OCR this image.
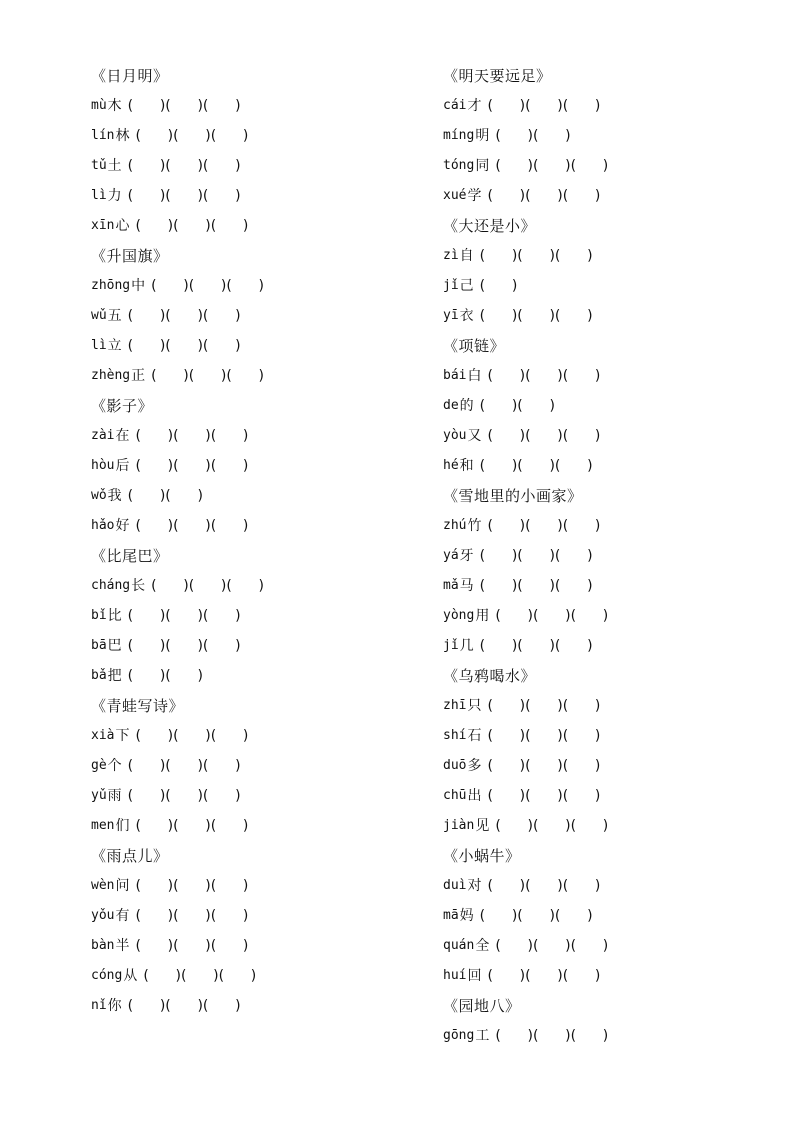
《日月明》
mù 木 (      )(      )(      )
lín 林 (      )(      )(      )
tǔ 土 (      )(      )(      )
lì 力 (      )(      )(      )
xīn 心 (      )(      )(      )
《升国旗》
zhōng 中 (      )(      )(      )
wǔ 五 (      )(      )(      )
lì 立 (      )(      )(      )
zhèng 正 (      )(      )(      )
《影子》
zài 在 (      )(      )(      )
hòu 后 (      )(      )(      )
wǒ 我 (      )(      )
hǎo 好 (      )(      )(      )
《比尾巴》
cháng 长 (      )(      )(      )
bǐ 比 (      )(      )(      )
bā 巴 (      )(      )(      )
bǎ 把 (      )(      )
《青蛙写诗》
xià 下 (      )(      )(      )
gè 个 (      )(      )(      )
yǔ 雨 (      )(      )(      )
men 们 (      )(      )(      )
《雨点儿》
wèn 问 (      )(      )(      )
yǒu 有 (      )(      )(      )
bàn 半 (      )(      )(      )
cóng 从 (      )(      )(      )
nǐ 你 (      )(      )(      )
《明天要远足》
cái 才 (      )(      )(      )
míng 明 (      )(      )
tóng 同 (      )(      )(      )
xué 学 (      )(      )(      )
《大还是小》
zì 自 (      )(      )(      )
jǐ 己 (      )
yī 衣 (      )(      )(      )
《项链》
bái 白 (      )(      )(      )
de 的 (      )(      )
yòu 又 (      )(      )(      )
hé 和 (      )(      )(      )
《雪地里的小画家》
zhú 竹 (      )(      )(      )
yá 牙 (      )(      )(      )
mǎ 马 (      )(      )(      )
yòng 用 (      )(      )(      )
jǐ 几 (      )(      )(      )
《乌鸦喝水》
zhī 只 (      )(      )(      )
shí 石 (      )(      )(      )
duō 多 (      )(      )(      )
chū 出 (      )(      )(      )
jiàn 见 (      )(      )(      )
《小蜗牛》
duì 对 (      )(      )(      )
mā 妈 (      )(      )(      )
quán 全 (      )(      )(      )
huí 回 (      )(      )(      )
《园地八》
gōng 工 (      )(      )(      )
